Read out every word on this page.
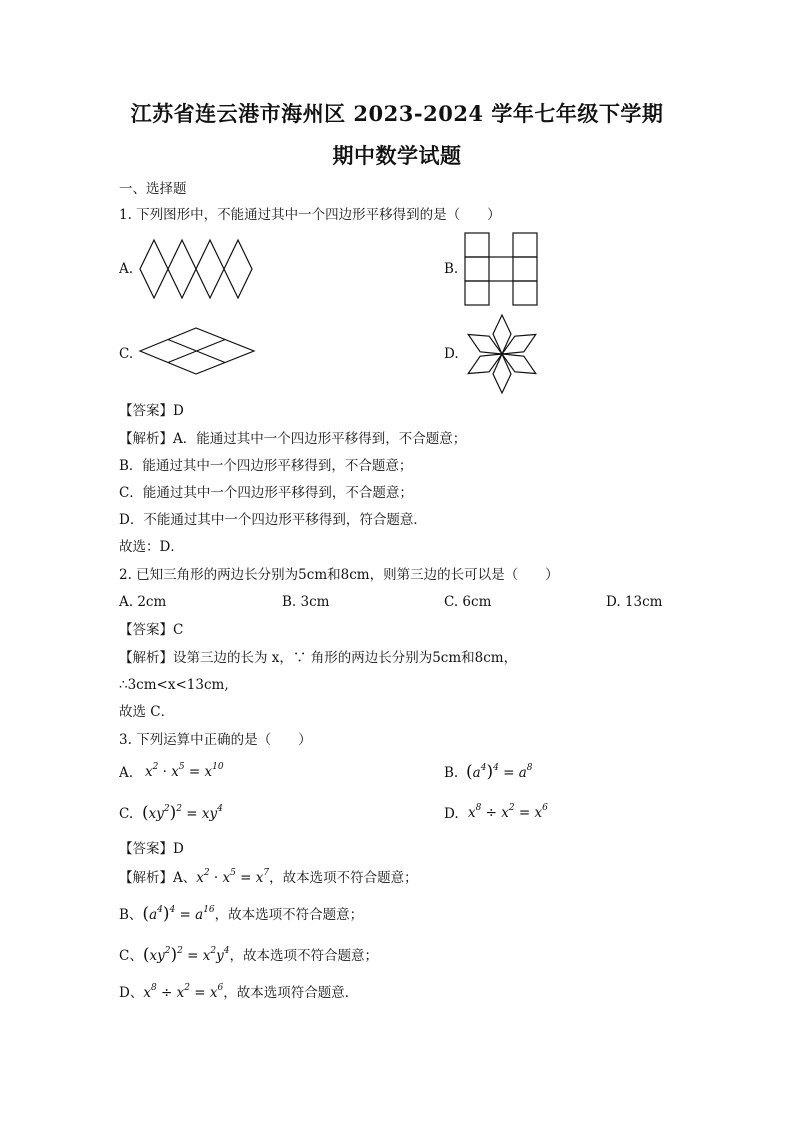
江苏省连云港市海州区 2023-2024 学年七年级下学期
期中数学试题
一、选择题
1. 下列图形中，不能通过其中一个四边形平移得到的是（　　）
A.	B.
C.	D.
【答案】D
【解析】A．能通过其中一个四边形平移得到，不合题意；
B．能通过其中一个四边形平移得到，不合题意；
C．能通过其中一个四边形平移得到，不合题意；
D．不能通过其中一个四边形平移得到，符合题意．
故选：D．
2. 已知三角形的两边长分别为5cm和8cm，则第三边的长可以是（　　）
A. 2cm	B. 3cm	C. 6cm	D. 13cm
【答案】C
【解析】设第三边的长为 x，∵ 角形的两边长分别为5cm和8cm，
∴3cm<x<13cm,
故选 C．
3. 下列运算中正确的是（　　）
A. $x^2 \cdot x^5 = x^{10}$	B. $(a^4)^4 = a^8$
C. $(xy^2)^2 = xy^4$	D. $x^8 \div x^2 = x^6$
【答案】D
【解析】A、$x^2 \cdot x^5 = x^7$，故本选项不符合题意；
B、$(a^4)^4 = a^{16}$，故本选项不符合题意；
C、$(xy^2)^2 = x^2y^4$，故本选项不符合题意；
D、$x^8 \div x^2 = x^6$，故本选项符合题意．
